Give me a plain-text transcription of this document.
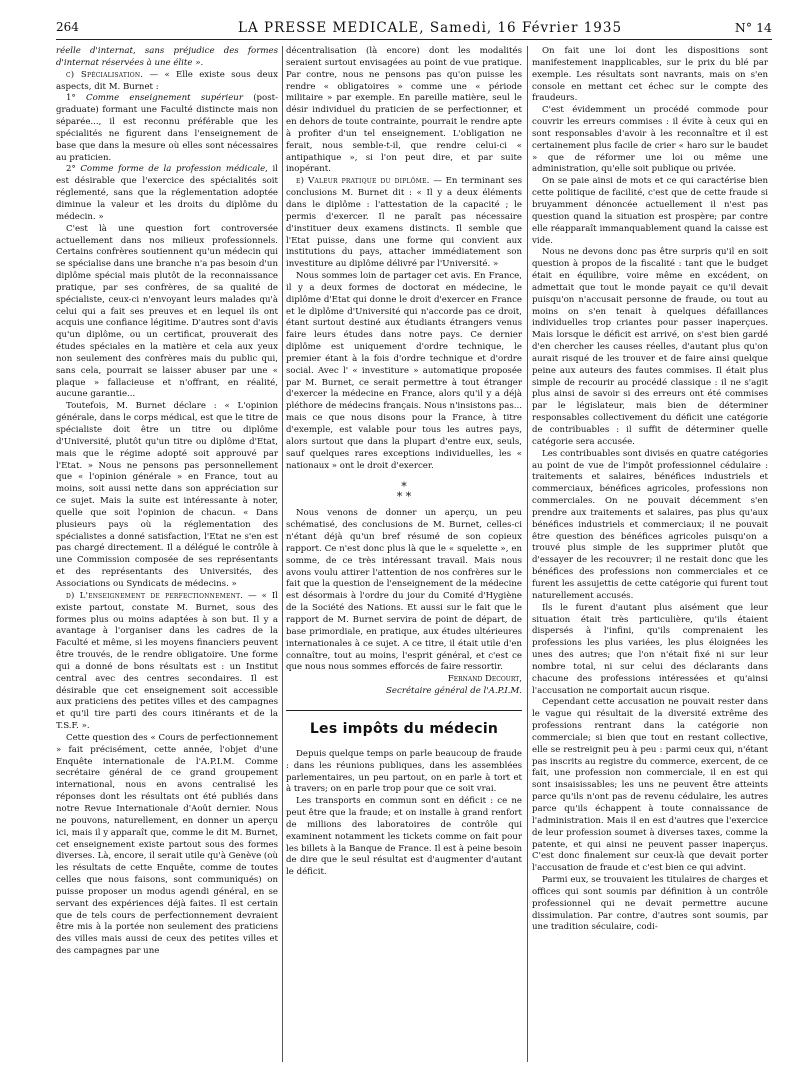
264	LA PRESSE MEDICALE, Samedi, 16 Février 1935	N° 14

réelle d'internat, sans préjudice des formes d'internat réservées à une élite ».

c) Spécialisation. — « Elle existe sous deux aspects, dit M. Burnet :

1° Comme enseignement supérieur (post-graduate) formant une Faculté distincte mais non séparée..., il est reconnu préférable que les spécialités ne figurent dans l'enseignement de base que dans la mesure où elles sont nécessaires au praticien.

2° Comme forme de la profession médicale, il est désirable que l'exercice des spécialités soit réglementé, sans que la réglementation adoptée diminue la valeur et les droits du diplôme du médecin. »

C'est là une question fort controversée actuellement dans nos milieux professionnels. Certains confrères soutiennent qu'un médecin qui se spécialise dans une branche n'a pas besoin d'un diplôme spécial mais plutôt de la reconnaissance pratique, par ses confrères, de sa qualité de spécialiste, ceux-ci n'envoyant leurs malades qu'à celui qui a fait ses preuves et en lequel ils ont acquis une confiance légitime. D'autres sont d'avis qu'un diplôme, ou un certificat, prouverait des études spéciales en la matière et cela aux yeux non seulement des confrères mais du public qui, sans cela, pourrait se laisser abuser par une « plaque » fallacieuse et n'offrant, en réalité, aucune garantie...

Toutefois, M. Burnet déclare : « L'opinion générale, dans le corps médical, est que le titre de spécialiste doit être un titre ou diplôme d'Université, plutôt qu'un titre ou diplôme d'Etat, mais que le régime adopté soit approuvé par l'Etat. » Nous ne pensons pas personnellement que « l'opinion générale » en France, tout au moins, soit aussi nette dans son appréciation sur ce sujet. Mais la suite est intéressante à noter, quelle que soit l'opinion de chacun. « Dans plusieurs pays où la réglementation des spécialistes a donné satisfaction, l'Etat ne s'en est pas chargé directement. Il a délégué le contrôle à une Commission composée de ses représentants et des représentants des Universités, des Associations ou Syndicats de médecins. »

d) L'enseignement de perfectionnement. — « Il existe partout, constate M. Burnet, sous des formes plus ou moins adaptées à son but. Il y a avantage à l'organiser dans les cadres de la Faculté et même, si les moyens financiers peuvent être trouvés, de le rendre obligatoire. Une forme qui a donné de bons résultats est : un Institut central avec des centres secondaires. Il est désirable que cet enseignement soit accessible aux praticiens des petites villes et des campagnes et qu'il tire parti des cours itinérants et de la T.S.F. ».

Cette question des « Cours de perfectionnement » fait précisément, cette année, l'objet d'une Enquête internationale de l'A.P.I.M. Comme secrétaire général de ce grand groupement international, nous en avons centralisé les réponses dont les résultats ont été publiés dans notre Revue Internationale d'Août dernier. Nous ne pouvons, naturellement, en donner un aperçu ici, mais il y apparaît que, comme le dit M. Burnet, cet enseignement existe partout sous des formes diverses. Là, encore, il serait utile qu'à Genève (où les résultats de cette Enquête, comme de toutes celles que nous faisons, sont communiqués) on puisse proposer un modus agendi général, en se servant des expériences déjà faites. Il est certain que de tels cours de perfectionnement devraient être mis à la portée non seulement des praticiens des villes mais aussi de ceux des petites villes et des campagnes par une

décentralisation (là encore) dont les modalités seraient surtout envisagées au point de vue pratique. Par contre, nous ne pensons pas qu'on puisse les rendre « obligatoires » comme une « période militaire » par exemple. En pareille matière, seul le désir individuel du praticien de se perfectionner, et en dehors de toute contrainte, pourrait le rendre apte à profiter d'un tel enseignement. L'obligation ne ferait, nous semble-t-il, que rendre celui-ci « antipathique », si l'on peut dire, et par suite inopérant.

e) Valeur pratique du diplôme. — En terminant ses conclusions M. Burnet dit : « Il y a deux éléments dans le diplôme : l'attestation de la capacité ; le permis d'exercer. Il ne paraît pas nécessaire d'instituer deux examens distincts. Il semble que l'Etat puisse, dans une forme qui convient aux institutions du pays, attacher immédiatement son investiture au diplôme délivré par l'Université. »

Nous sommes loin de partager cet avis. En France, il y a deux formes de doctorat en médecine, le diplôme d'Etat qui donne le droit d'exercer en France et le diplôme d'Université qui n'accorde pas ce droit, étant surtout destiné aux étudiants étrangers venus faire leurs études dans notre pays. Ce dernier diplôme est uniquement d'ordre technique, le premier étant à la fois d'ordre technique et d'ordre social. Avec l' « investiture » automatique proposée par M. Burnet, ce serait permettre à tout étranger d'exercer la médecine en France, alors qu'il y a déjà pléthore de médecins français. Nous n'insistons pas... mais ce que nous disons pour la France, à titre d'exemple, est valable pour tous les autres pays, alors surtout que dans la plupart d'entre eux, seuls, sauf quelques rares exceptions individuelles, les « nationaux » ont le droit d'exercer.

*
* *

Nous venons de donner un aperçu, un peu schématisé, des conclusions de M. Burnet, celles-ci n'étant déjà qu'un bref résumé de son copieux rapport. Ce n'est donc plus là que le « squelette », en somme, de ce très intéressant travail. Mais nous avons voulu attirer l'attention de nos confrères sur le fait que la question de l'enseignement de la médecine est désormais à l'ordre du jour du Comité d'Hygiène de la Société des Nations. Et aussi sur le fait que le rapport de M. Burnet servira de point de départ, de base primordiale, en pratique, aux études ultérieures internationales à ce sujet. A ce titre, il était utile d'en connaître, tout au moins, l'esprit général, et c'est ce que nous nous sommes efforcés de faire ressortir.

Fernand Decourt,

Secrétaire général de l'A.P.I.M.

Les impôts du médecin

Depuis quelque temps on parle beaucoup de fraude : dans les réunions publiques, dans les assemblées parlementaires, un peu partout, on en parle à tort et à travers; on en parle trop pour que ce soit vrai.

Les transports en commun sont en déficit : ce ne peut être que la fraude; et on installe à grand renfort de millions des laboratoires de contrôle qui examinent notamment les tickets comme on fait pour les billets à la Banque de France. Il est à peine besoin de dire que le seul résultat est d'augmenter d'autant le déficit.

On fait une loi dont les dispositions sont manifestement inapplicables, sur le prix du blé par exemple. Les résultats sont navrants, mais on s'en console en mettant cet échec sur le compte des fraudeurs.

C'est évidemment un procédé commode pour couvrir les erreurs commises : il évite à ceux qui en sont responsables d'avoir à les reconnaître et il est certainement plus facile de crier « haro sur le baudet » que de réformer une loi ou même une administration, qu'elle soit publique ou privée.

On se paie ainsi de mots et ce qui caractérise bien cette politique de facilité, c'est que de cette fraude si bruyamment dénoncée actuellement il n'est pas question quand la situation est prospère; par contre elle réapparaît immanquablement quand la caisse est vide.

Nous ne devons donc pas être surpris qu'il en soit question à propos de la fiscalité : tant que le budget était en équilibre, voire même en excédent, on admettait que tout le monde payait ce qu'il devait puisqu'on n'accusait personne de fraude, ou tout au moins on s'en tenait à quelques défaillances individuelles trop criantes pour passer inaperçues. Mais lorsque le déficit est arrivé, on s'est bien gardé d'en chercher les causes réelles, d'autant plus qu'on aurait risqué de les trouver et de faire ainsi quelque peine aux auteurs des fautes commises. Il était plus simple de recourir au procédé classique : il ne s'agit plus ainsi de savoir si des erreurs ont été commises par le législateur, mais bien de déterminer responsables collectivement du déficit une catégorie de contribuables : il suffit de déterminer quelle catégorie sera accusée.

Les contribuables sont divisés en quatre catégories au point de vue de l'impôt professionnel cédulaire : traitements et salaires, bénéfices industriels et commerciaux, bénéfices agricoles, professions non commerciales. On ne pouvait décemment s'en prendre aux traitements et salaires, pas plus qu'aux bénéfices industriels et commerciaux; il ne pouvait être question des bénéfices agricoles puisqu'on a trouvé plus simple de les supprimer plutôt que d'essayer de les recouvrer; il ne restait donc que les bénéfices des professions non commerciales et ce furent les assujettis de cette catégorie qui furent tout naturellement accusés.

Ils le furent d'autant plus aisément que leur situation était très particulière, qu'ils étaient dispersés à l'infini, qu'ils comprenaient les professions les plus variées, les plus éloignées les unes des autres; que l'on n'était fixé ni sur leur nombre total, ni sur celui des déclarants dans chacune des professions intéressées et qu'ainsi l'accusation ne comportait aucun risque.

Cependant cette accusation ne pouvait rester dans le vague qui résultait de la diversité extrême des professions rentrant dans la catégorie non commerciale; si bien que tout en restant collective, elle se restreignit peu à peu : parmi ceux qui, n'étant pas inscrits au registre du commerce, exercent, de ce fait, une profession non commerciale, il en est qui sont insaisissables; les uns ne peuvent être atteints parce qu'ils n'ont pas de revenu cédulaire, les autres parce qu'ils échappent à toute connaissance de l'administration. Mais il en est d'autres que l'exercice de leur profession soumet à diverses taxes, comme la patente, et qui ainsi ne peuvent passer inaperçus. C'est donc finalement sur ceux-là que devait porter l'accusation de fraude et c'est bien ce qui advint.

Parmi eux, se trouvaient les titulaires de charges et offices qui sont soumis par définition à un contrôle professionnel qui ne devait permettre aucune dissimulation. Par contre, d'autres sont soumis, par une tradition séculaire, codi-
